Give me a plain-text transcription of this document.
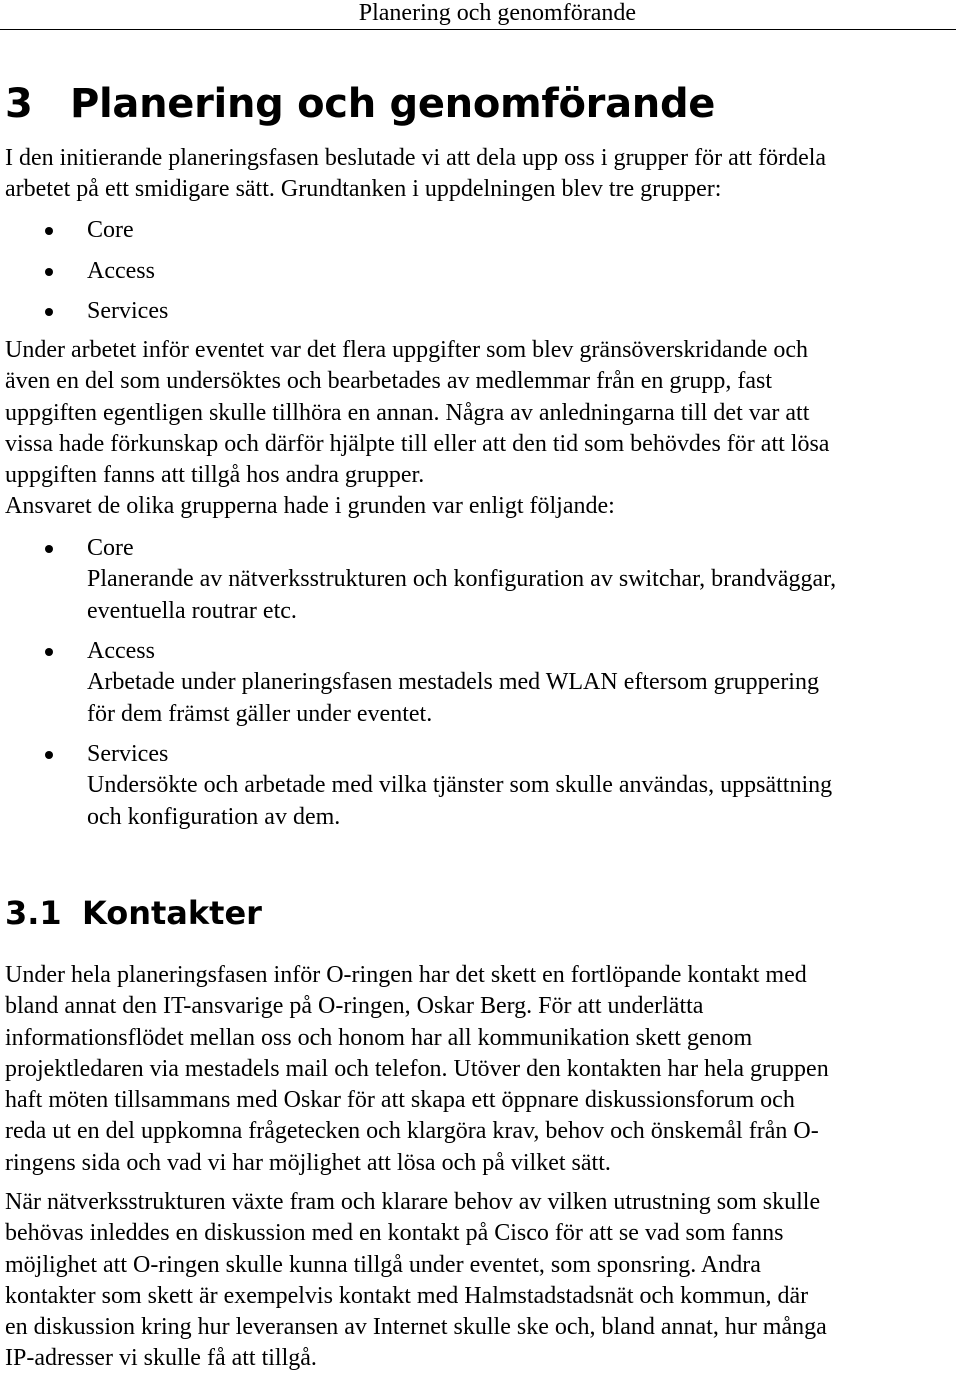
Planering och genomförande
3 Planering och genomförande

I den initierande planeringsfasen beslutade vi att dela upp oss i grupper för att fördela
arbetet på ett smidigare sätt. Grundtanken i uppdelningen blev tre grupper:

Core
Access
Services

Under arbetet inför eventet var det flera uppgifter som blev gränsöverskridande och
även en del som undersöktes och bearbetades av medlemmar från en grupp, fast
uppgiften egentligen skulle tillhöra en annan. Några av anledningarna till det var att
vissa hade förkunskap och därför hjälpte till eller att den tid som behövdes för att lösa
uppgiften fanns att tillgå hos andra grupper.

Ansvaret de olika grupperna hade i grunden var enligt följande:

Core
Planerande av nätverksstrukturen och konfiguration av switchar, brandväggar,
eventuella routrar etc.
Access
Arbetade under planeringsfasen mestadels med WLAN eftersom gruppering
för dem främst gäller under eventet.
Services
Undersökte och arbetade med vilka tjänster som skulle användas, uppsättning
och konfiguration av dem.
3.1 Kontakter

Under hela planeringsfasen inför O-ringen har det skett en fortlöpande kontakt med
bland annat den IT-ansvarige på O-ringen, Oskar Berg. För att underlätta
informationsflödet mellan oss och honom har all kommunikation skett genom
projektledaren via mestadels mail och telefon. Utöver den kontakten har hela gruppen
haft möten tillsammans med Oskar för att skapa ett öppnare diskussionsforum och
reda ut en del uppkomna frågetecken och klargöra krav, behov och önskemål från O-
ringens sida och vad vi har möjlighet att lösa och på vilket sätt.

När nätverksstrukturen växte fram och klarare behov av vilken utrustning som skulle
behövas inleddes en diskussion med en kontakt på Cisco för att se vad som fanns
möjlighet att O-ringen skulle kunna tillgå under eventet, som sponsring. Andra
kontakter som skett är exempelvis kontakt med Halmstadstadsnät och kommun, där
en diskussion kring hur leveransen av Internet skulle ske och, bland annat, hur många
IP-adresser vi skulle få att tillgå.
